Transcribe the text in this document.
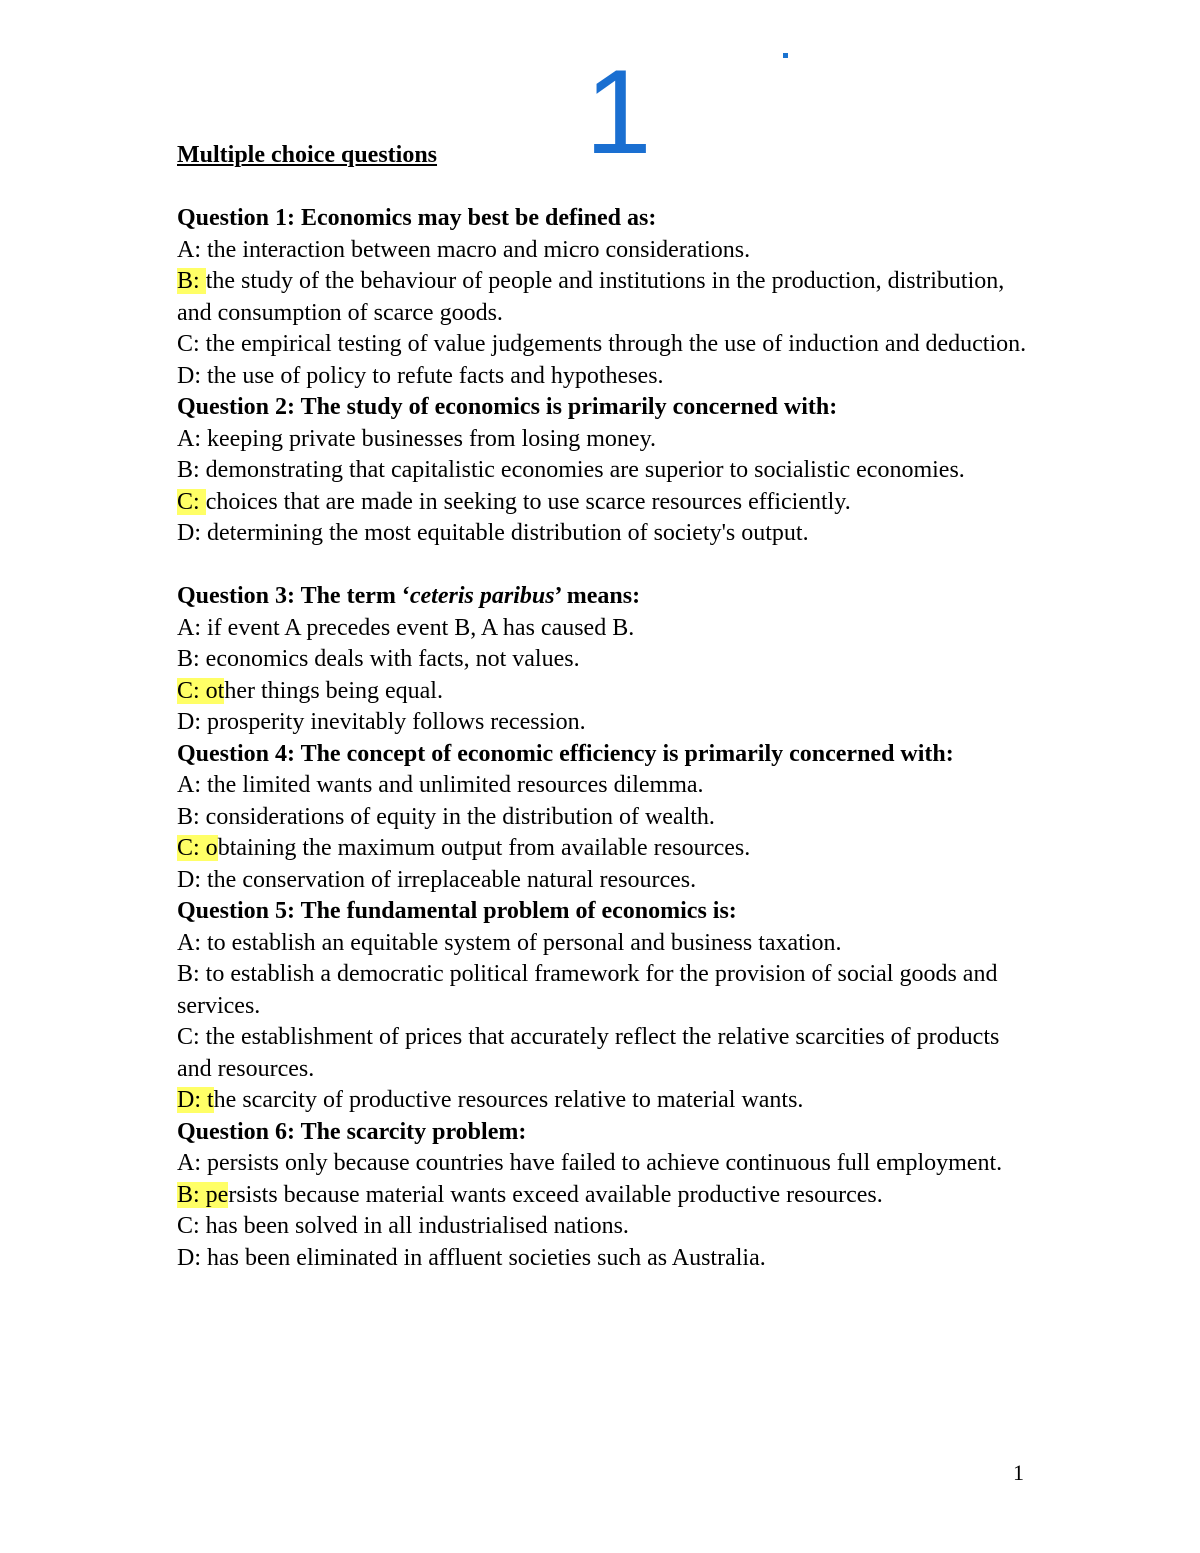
1

Multiple choice questions

Question 1: Economics may best be defined as:

A: the interaction between macro and micro considerations.

B: the study of the behaviour of people and institutions in the production, distribution, and consumption of scarce goods.

C: the empirical testing of value judgements through the use of induction and deduction.

D: the use of policy to refute facts and hypotheses.

Question 2: The study of economics is primarily concerned with:

A: keeping private businesses from losing money.

B: demonstrating that capitalistic economies are superior to socialistic economies.

C: choices that are made in seeking to use scarce resources efficiently.

D: determining the most equitable distribution of society's output.

Question 3: The term ‘ceteris paribus’ means:

A: if event A precedes event B, A has caused B.

B: economics deals with facts, not values.

C: other things being equal.

D: prosperity inevitably follows recession.

Question 4: The concept of economic efficiency is primarily concerned with:

A: the limited wants and unlimited resources dilemma.

B: considerations of equity in the distribution of wealth.

C: obtaining the maximum output from available resources.

D: the conservation of irreplaceable natural resources.

Question 5: The fundamental problem of economics is:

A: to establish an equitable system of personal and business taxation.

B: to establish a democratic political framework for the provision of social goods and services.

C: the establishment of prices that accurately reflect the relative scarcities of products and resources.

D: the scarcity of productive resources relative to material wants.

Question 6: The scarcity problem:

A: persists only because countries have failed to achieve continuous full employment.

B: persists because material wants exceed available productive resources.

C: has been solved in all industrialised nations.

D: has been eliminated in affluent societies such as Australia.

1
